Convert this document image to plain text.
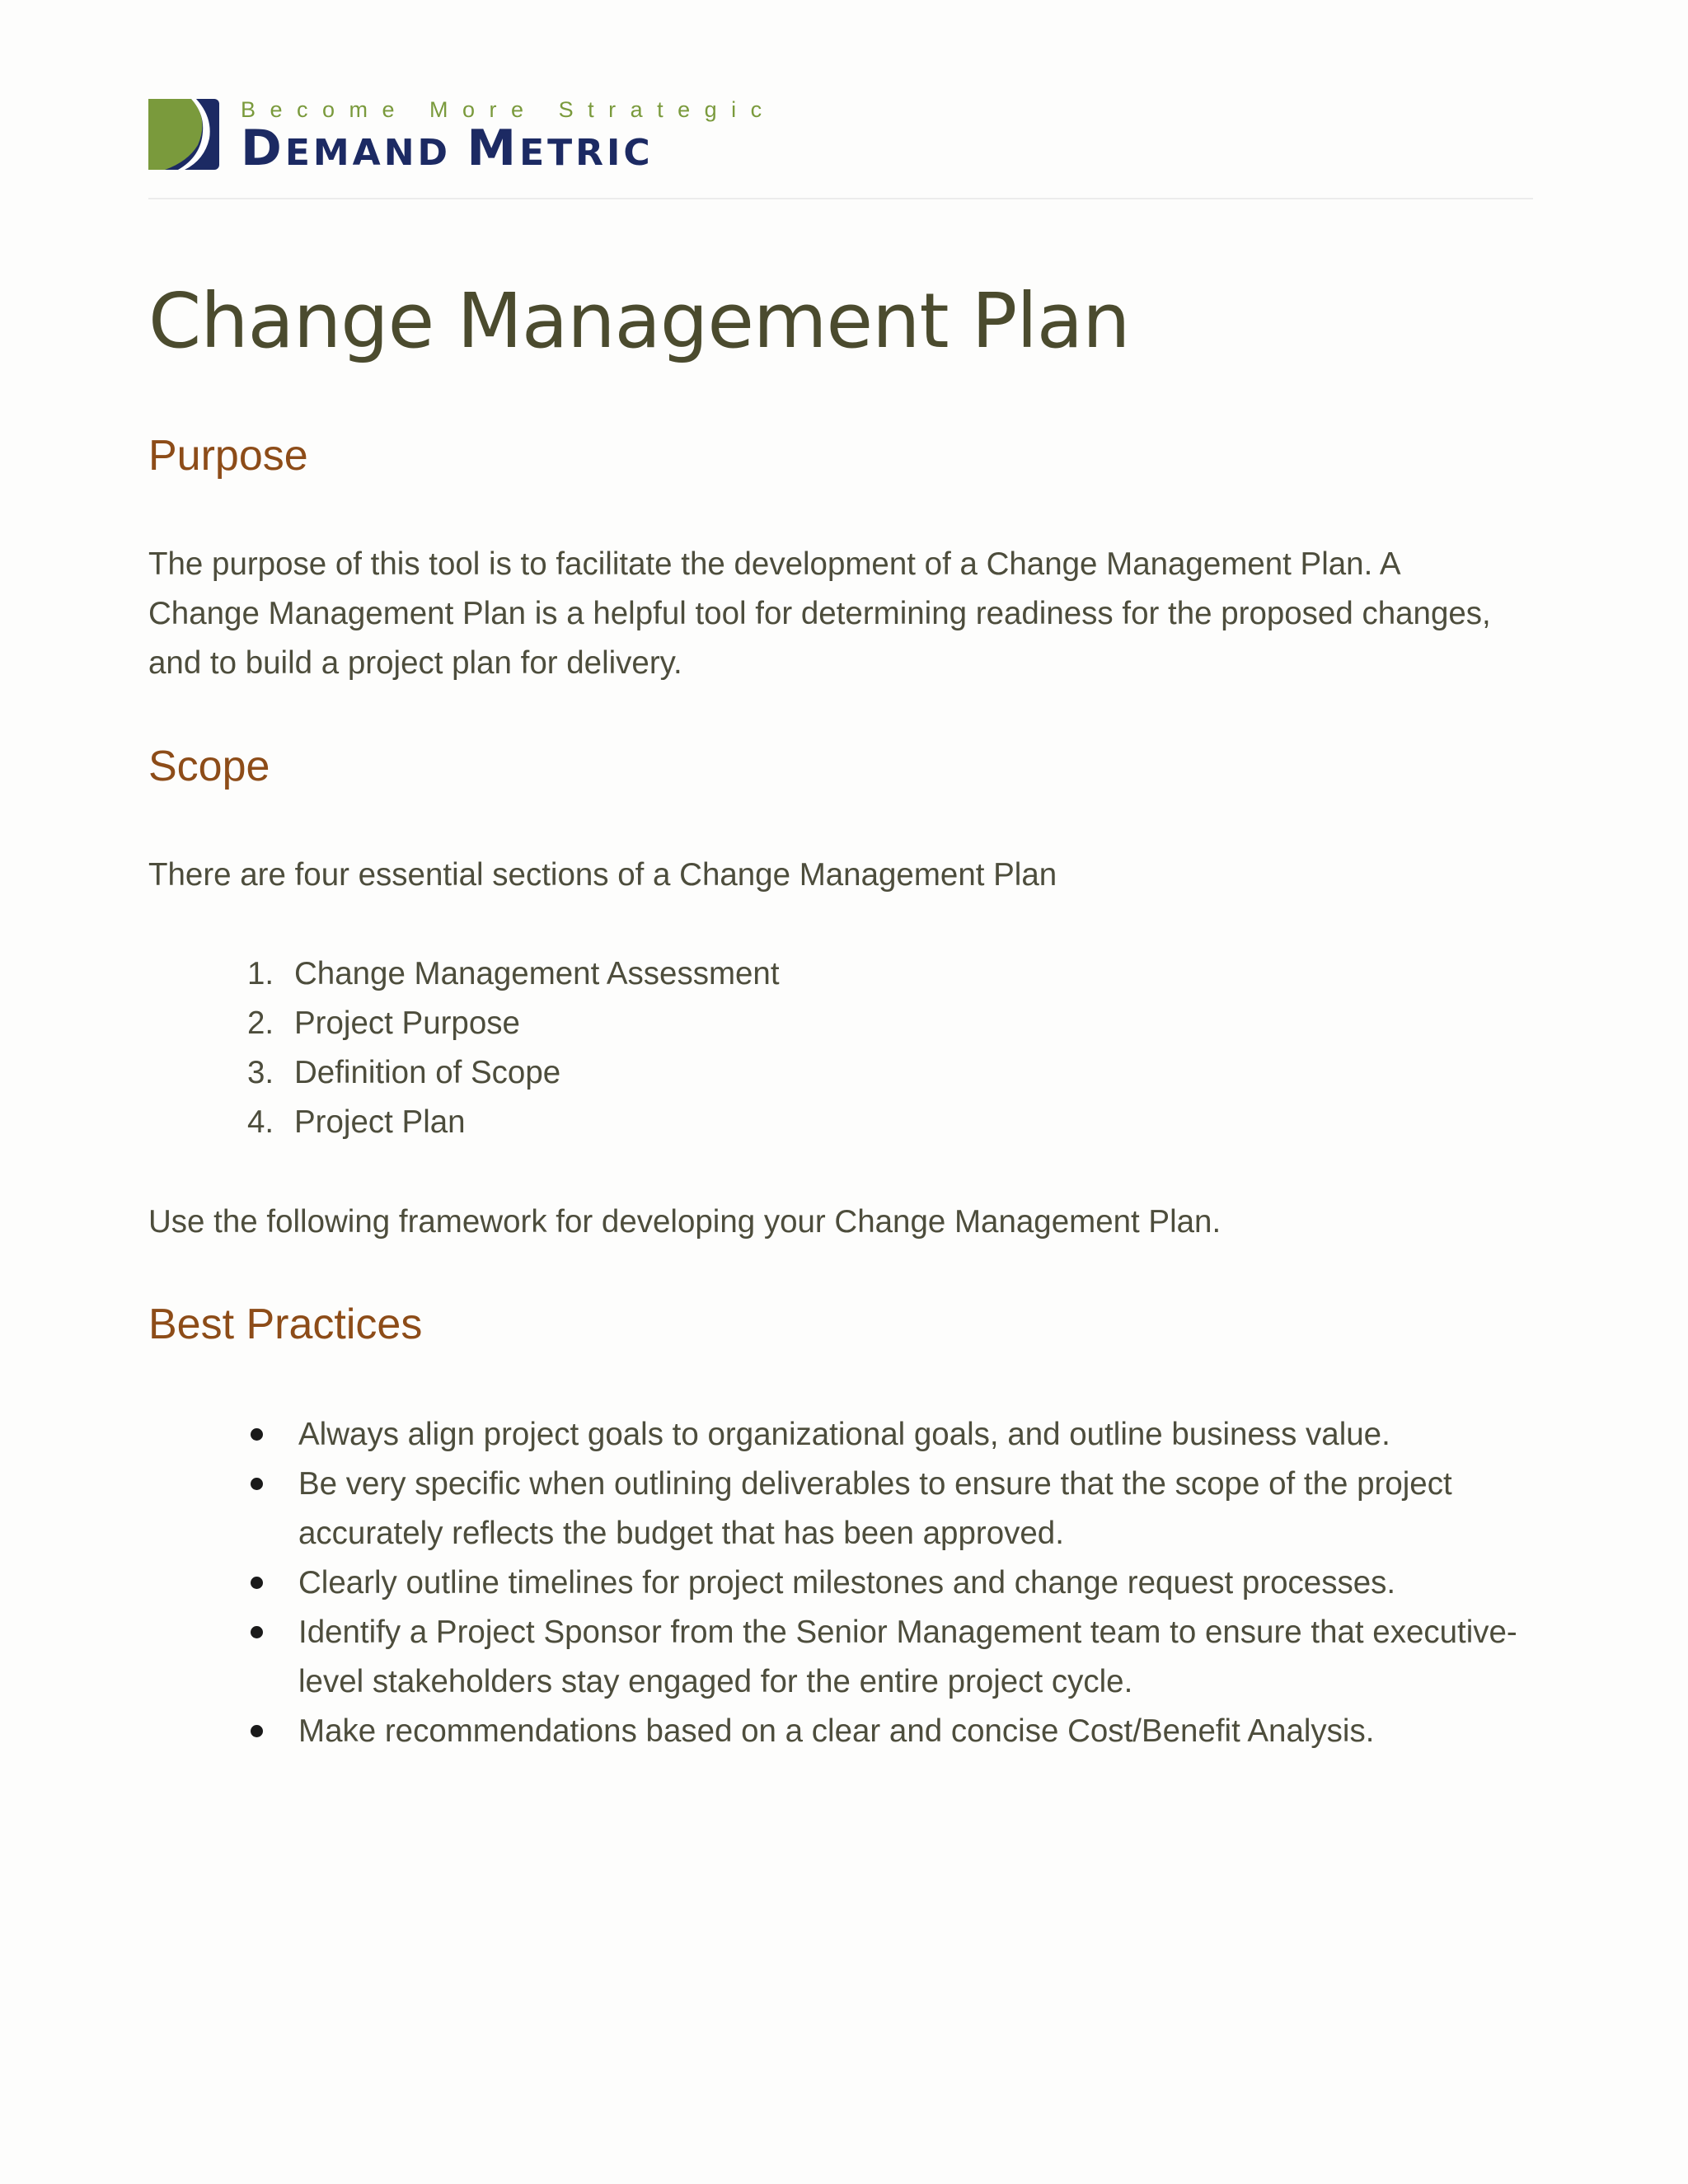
Become More Strategic
DEMAND METRIC
Change Management Plan
Purpose

The purpose of this tool is to facilitate the development of a Change Management Plan. A Change Management Plan is a helpful tool for determining readiness for the proposed changes, and to build a project plan for delivery.

Scope

There are four essential sections of a Change Management Plan

1. Change Management Assessment
2. Project Purpose
3. Definition of Scope
4. Project Plan

Use the following framework for developing your Change Management Plan.

Best Practices
Always align project goals to organizational goals, and outline business value.
Be very specific when outlining deliverables to ensure that the scope of the project accurately reflects the budget that has been approved.
Clearly outline timelines for project milestones and change request processes.
Identify a Project Sponsor from the Senior Management team to ensure that executive-level stakeholders stay engaged for the entire project cycle.
Make recommendations based on a clear and concise Cost/Benefit Analysis.
